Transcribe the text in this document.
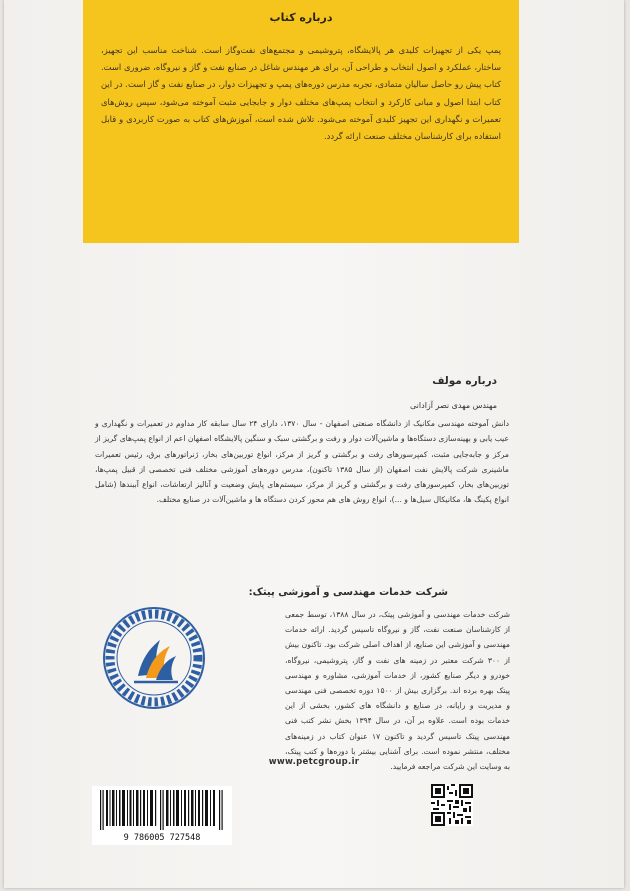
درباره کتاب
پمپ یکی از تجهیزات کلیدی هر پالایشگاه، پتروشیمی و مجتمع‌های نفت‌وگاز است. شناخت مناسب این تجهیز، ساختار، عملکرد و اصول انتخاب و طراحی آن، برای هر مهندس شاغل در صنایع نفت و گاز و نیروگاه، ضروری است. کتاب پیش رو حاصل سالیان متمادی، تجربه مدرس دوره‌های پمپ و تجهیزات دوار، در صنایع نفت و گاز است. در این کتاب ابتدا اصول و مبانی کارکرد و انتخاب پمپ‌های مختلف دوار و جابجایی مثبت آموخته می‌شود، سپس روش‌های تعمیرات و نگهداری این تجهیز کلیدی آموخته می‌شود. تلاش شده است، آموزش‌های کتاب به صورت کاربردی و قابل استفاده برای کارشناسان مختلف صنعت ارائه گردد.
درباره مولف
مهندس مهدی نصر آزادانی
دانش آموخته مهندسی مکانیک از دانشگاه صنعتی اصفهان - سال ۱۳۷۰، دارای ۲۴ سال سابقه کار مداوم در تعمیرات و نگهداری و عیب یابی و بهینه‌سازی دستگاه‌ها و ماشین‌آلات دوار و رفت و برگشتی سبک و سنگین پالایشگاه اصفهان اعم از انواع پمپ‌های گریز از مرکز و جابه‌جایی مثبت، کمپرسورهای رفت و برگشتی و گریز از مرکز، انواع توربین‌های بخار، ژنراتورهای برق، رئیس تعمیرات ماشینری شرکت پالایش نفت اصفهان (از سال ۱۳۸۵ تاکنون)، مدرس دوره‌های آموزشی مختلف فنی تخصصی از قبیل پمپ‌ها، توربین‌های بخار، کمپرسورهای رفت و برگشتی و گریز از مرکز، سیستم‌های پایش وضعیت و آنالیز ارتعاشات، انواع آببندها (شامل انواع پکینگ ها، مکانیکال سیل‌ها و ...)، انواع روش های هم محور کردن دستگاه ها و ماشین‌آلات در صنایع مختلف.
شرکت خدمات مهندسی و آموزشی پیتک:
شرکت خدمات مهندسی و آموزشی پیتک، در سال ۱۳۸۸، توسط جمعی از کارشناسان صنعت نفت، گاز و نیروگاه تاسیس گردید. ارائه خدمات مهندسی و آموزشی این صنایع، از اهداف اصلی شرکت بود. تاکنون بیش از ۳۰۰ شرکت معتبر در زمینه های نفت و گاز، پتروشیمی، نیروگاه، خودرو و دیگر صنایع کشور، از خدمات آموزشی، مشاوره و مهندسی پیتک بهره برده اند. برگزاری بیش از ۱۵۰۰ دوره تخصصی فنی مهندسی و مدیریت و رایانه، در صنایع و دانشگاه های کشور، بخشی از این خدمات بوده است. علاوه بر آن، در سال ۱۳۹۴ بخش نشر کتب فنی مهندسی پیتک تاسیس گردید و تاکنون ۱۷ عنوان کتاب در زمینه‌های مختلف، منتشر نموده است. برای آشنایی بیشتر با دوره‌ها و کتب پیتک، به وسایت این شرکت مراجعه فرمایید.
www.petcgroup.ir
9 786005 727548
